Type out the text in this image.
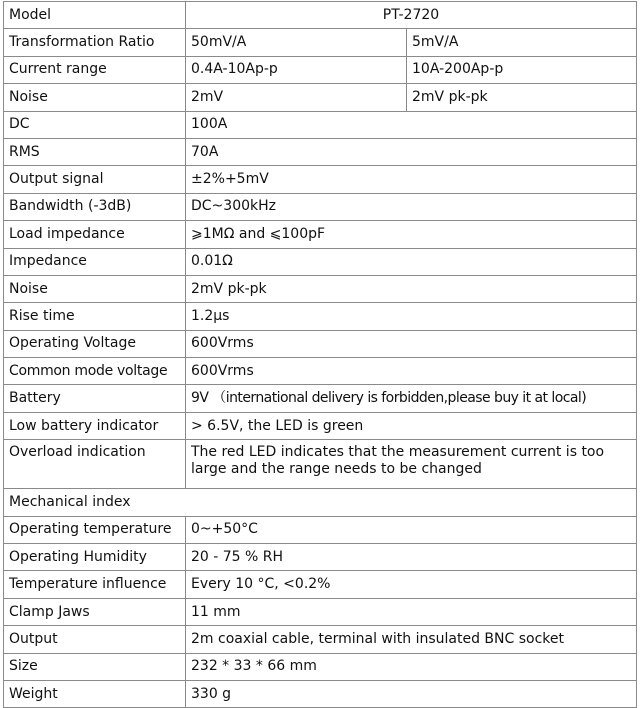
Model	PT-2720	
Transformation Ratio	50mV/A	5mV/A
Current range	0.4A-10Ap-p	10A-200Ap-p
Noise	2mV	2mV pk-pk
DC	100A	
RMS	70A	
Output signal	±2%+5mV	
Bandwidth (-3dB)	DC~300kHz	
Load impedance	⩾1MΩ and ⩽100pF	
Impedance	0.01Ω	
Noise	2mV pk-pk	
Rise time	1.2μs	
Operating Voltage	600Vrms	
Common mode voltage	600Vrms	
Battery	9V （international delivery is forbidden,please buy it at local)	
Low battery indicator	> 6.5V, the LED is green	
Overload indication	The red LED indicates that the measurement current is too large and the range needs to be changed	
Mechanical index		
Operating temperature	0~+50°C	
Operating Humidity	20 - 75 % RH	
Temperature influence	Every 10 °C, <0.2%	
Clamp Jaws	11 mm	
Output	2m coaxial cable, terminal with insulated BNC socket	
Size	232 * 33 * 66 mm	
Weight	330 g	
